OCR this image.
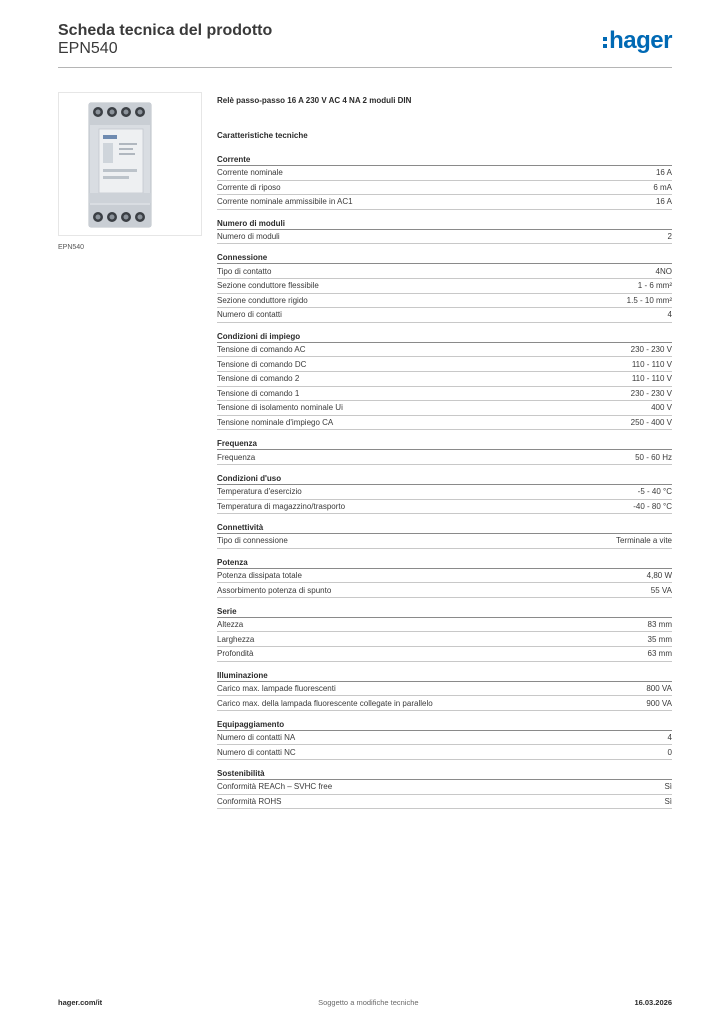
Scheda tecnica del prodotto
EPN540	hager
EPN540
Relè passo-passo 16 A 230 V AC 4 NA 2 moduli DIN
Caratteristiche tecniche
Corrente
Corrente nominale	16 A
Corrente di riposo	6 mA
Corrente nominale ammissibile in AC1	16 A
Numero di moduli
Numero di moduli	2
Connessione
Tipo di contatto	4NO
Sezione conduttore flessibile	1 - 6 mm²
Sezione conduttore rigido	1.5 - 10 mm²
Numero di contatti	4
Condizioni di impiego
Tensione di comando AC	230 - 230 V
Tensione di comando DC	110 - 110 V
Tensione di comando 2	110 - 110 V
Tensione di comando 1	230 - 230 V
Tensione di isolamento nominale Ui	400 V
Tensione nominale d'impiego CA	250 - 400 V
Frequenza
Frequenza	50 - 60 Hz
Condizioni d'uso
Temperatura d'esercizio	-5 - 40 °C
Temperatura di magazzino/trasporto	-40 - 80 °C
Connettività
Tipo di connessione	Terminale a vite
Potenza
Potenza dissipata totale	4,80 W
Assorbimento potenza di spunto	55 VA
Serie
Altezza	83 mm
Larghezza	35 mm
Profondità	63 mm
Illuminazione
Carico max. lampade fluorescenti	800 VA
Carico max. della lampada fluorescente collegate in parallelo	900 VA
Equipaggiamento
Numero di contatti NA	4
Numero di contatti NC	0
Sostenibilità
Conformità REACh – SVHC free	Sì
Conformità ROHS	Sì
hager.com/it	Soggetto a modifiche tecniche	16.03.2026
